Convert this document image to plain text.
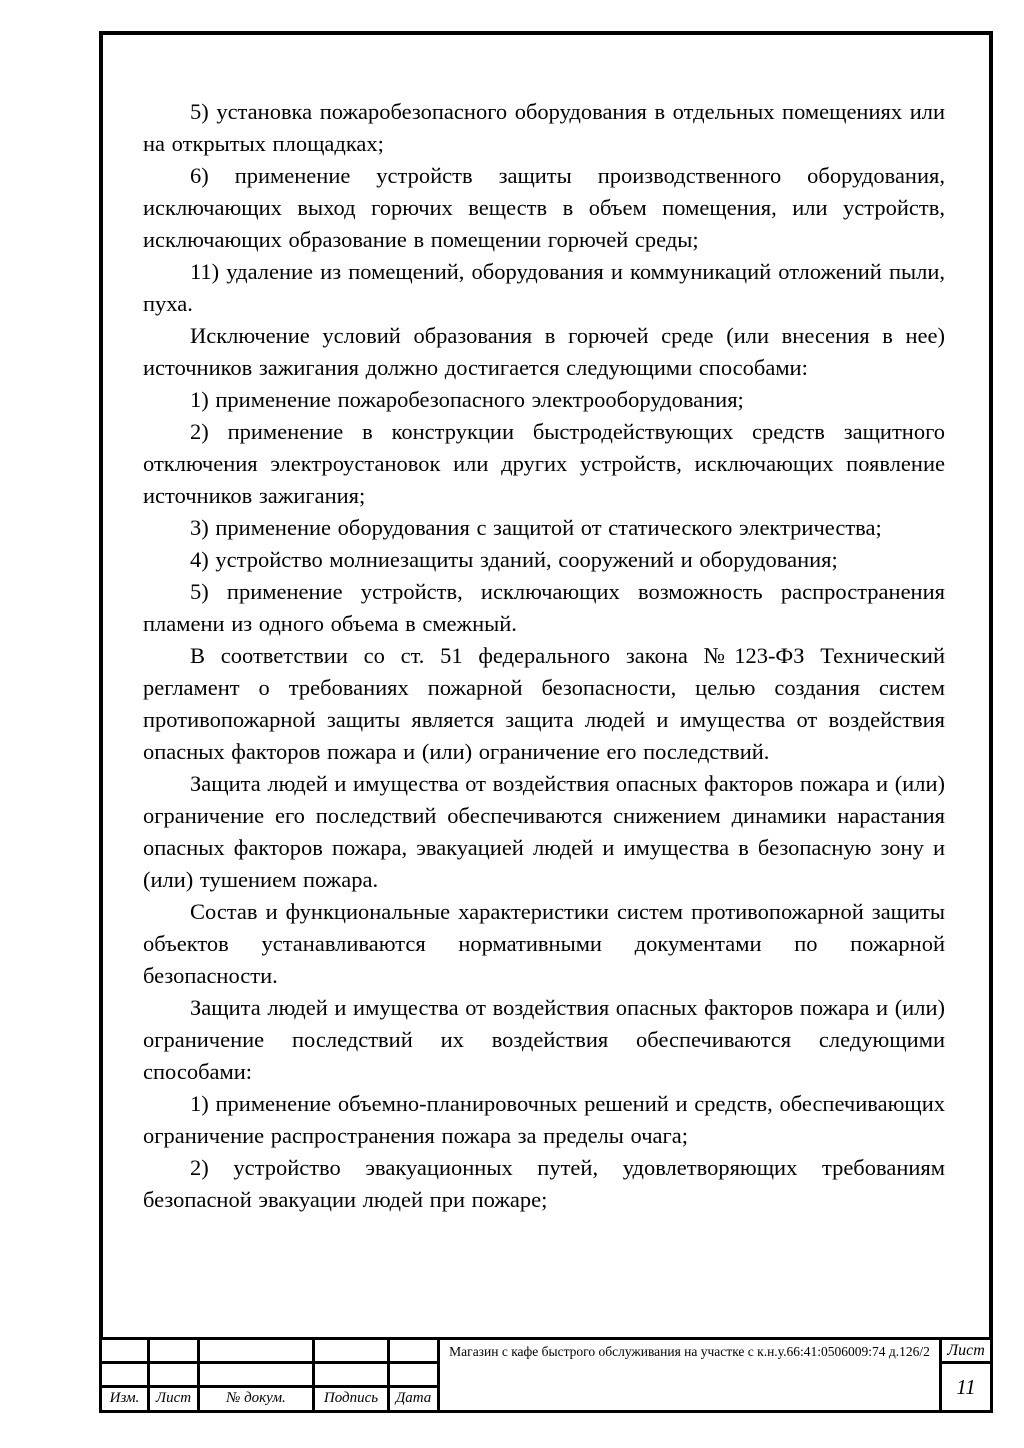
5) установка пожаробезопасного оборудования в отдельных помещениях или на открытых площадках;

6) применение устройств защиты производственного оборудования, исключающих выход горючих веществ в объем помещения, или устройств, исключающих образование в помещении горючей среды;

11) удаление из помещений, оборудования и коммуникаций отложений пыли, пуха.

Исключение условий образования в горючей среде (или внесения в нее) источников зажигания должно достигается следующими способами:

1) применение пожаробезопасного электрооборудования;

2) применение в конструкции быстродействующих средств защитного отключения электроустановок или других устройств, исключающих появление источников зажигания;

3) применение оборудования с защитой от статического электричества;

4) устройство молниезащиты зданий, сооружений и оборудования;

5) применение устройств, исключающих возможность распространения пламени из одного объема в смежный.

В соответствии со ст. 51 федерального закона №123-ФЗ Технический регламент о требованиях пожарной безопасности, целью создания систем противопожарной защиты является защита людей и имущества от воздействия опасных факторов пожара и (или) ограничение его последствий.

Защита людей и имущества от воздействия опасных факторов пожара и (или) ограничение его последствий обеспечиваются снижением динамики нарастания опасных факторов пожара, эвакуацией людей и имущества в безопасную зону и (или) тушением пожара.

Состав и функциональные характеристики систем противопожарной защиты объектов устанавливаются нормативными документами по пожарной безопасности.

Защита людей и имущества от воздействия опасных факторов пожара и (или) ограничение последствий их воздействия обеспечиваются следующими способами:

1) применение объемно-планировочных решений и средств, обеспечивающих ограничение распространения пожара за пределы очага;

2) устройство эвакуационных путей, удовлетворяющих требованиям безопасной эвакуации людей при пожаре;

Магазин с кафе быстрого обслуживания на участке с к.н.у.66:41:0506009:74 д.126/2	Лист
11
Изм.	Лист	№ докум.	Подпись	Дата
